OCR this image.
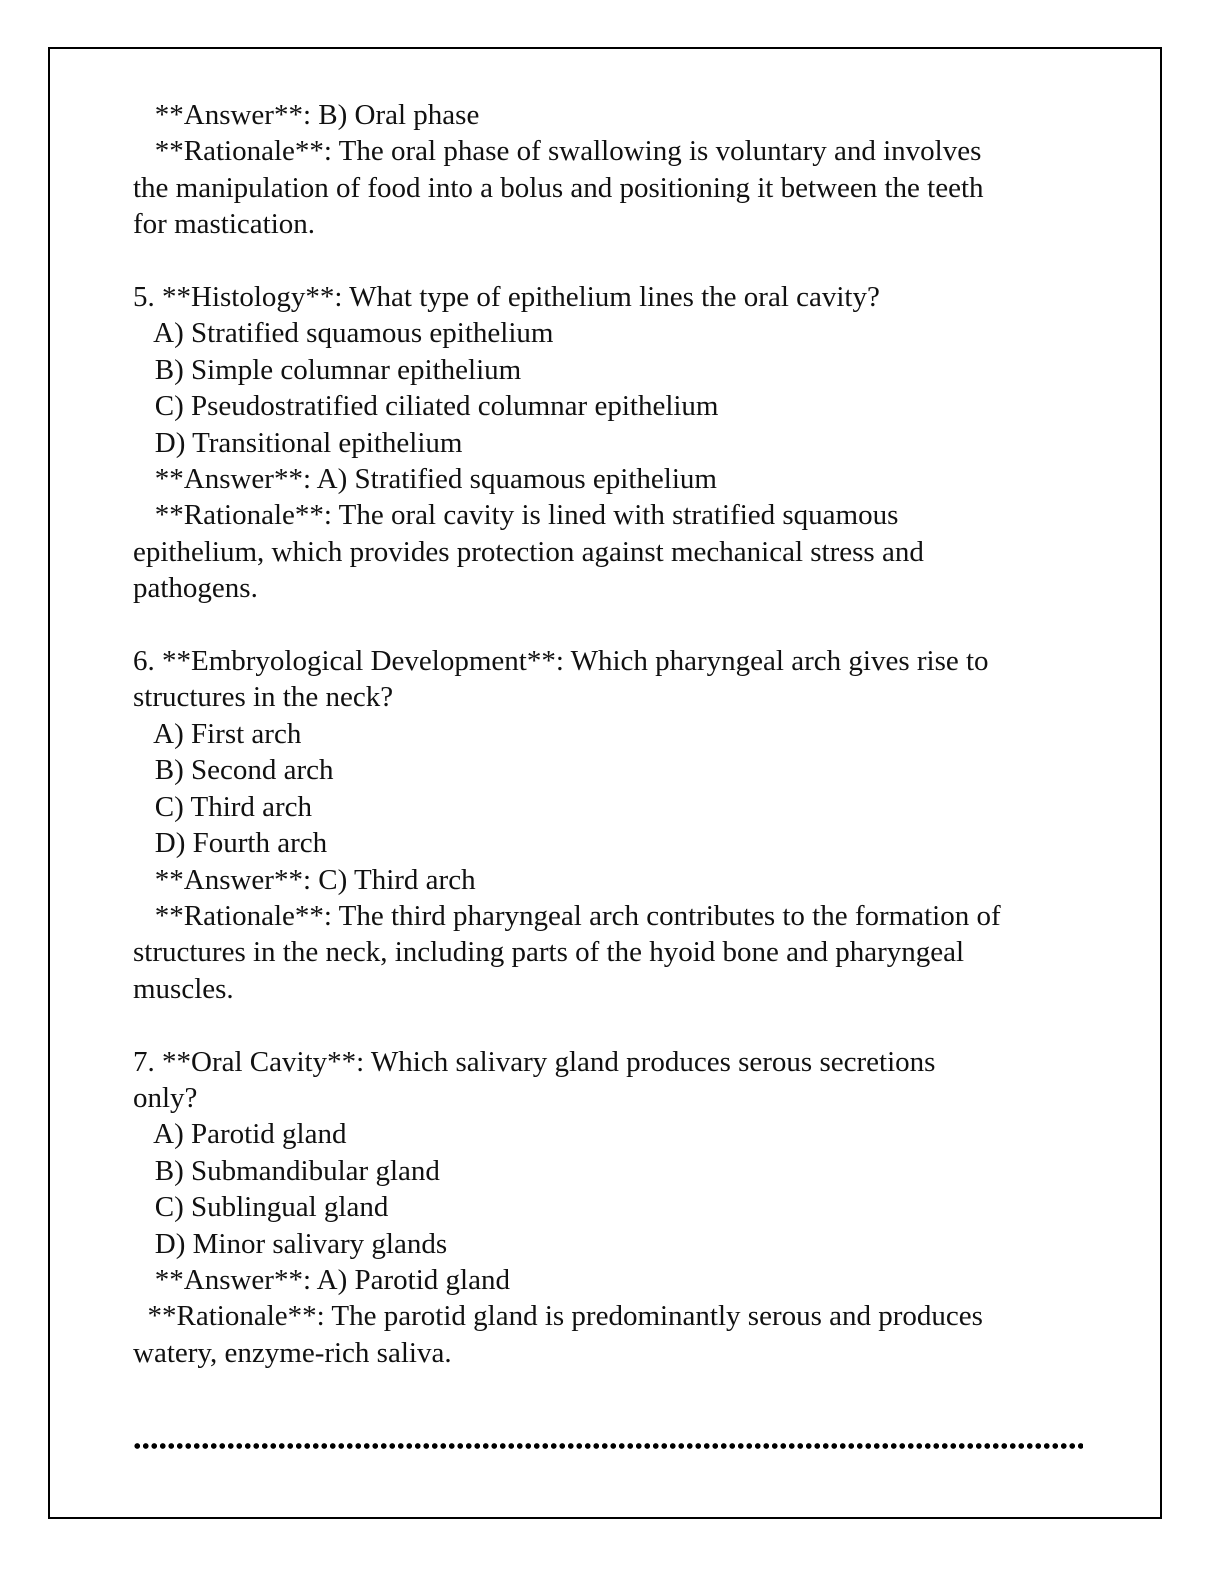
**Answer**: B) Oral phase

**Rationale**: The oral phase of swallowing is voluntary and involves

the manipulation of food into a bolus and positioning it between the teeth

for mastication.

5. **Histology**: What type of epithelium lines the oral cavity?

A) Stratified squamous epithelium

B) Simple columnar epithelium

C) Pseudostratified ciliated columnar epithelium

D) Transitional epithelium

**Answer**: A) Stratified squamous epithelium

**Rationale**: The oral cavity is lined with stratified squamous

epithelium, which provides protection against mechanical stress and

pathogens.

6. **Embryological Development**: Which pharyngeal arch gives rise to

structures in the neck?

A) First arch

B) Second arch

C) Third arch

D) Fourth arch

**Answer**: C) Third arch

**Rationale**: The third pharyngeal arch contributes to the formation of

structures in the neck, including parts of the hyoid bone and pharyngeal

muscles.

7. **Oral Cavity**: Which salivary gland produces serous secretions

only?

A) Parotid gland

B) Submandibular gland

C) Sublingual gland

D) Minor salivary glands

**Answer**: A) Parotid gland

**Rationale**: The parotid gland is predominantly serous and produces

watery, enzyme-rich saliva.
